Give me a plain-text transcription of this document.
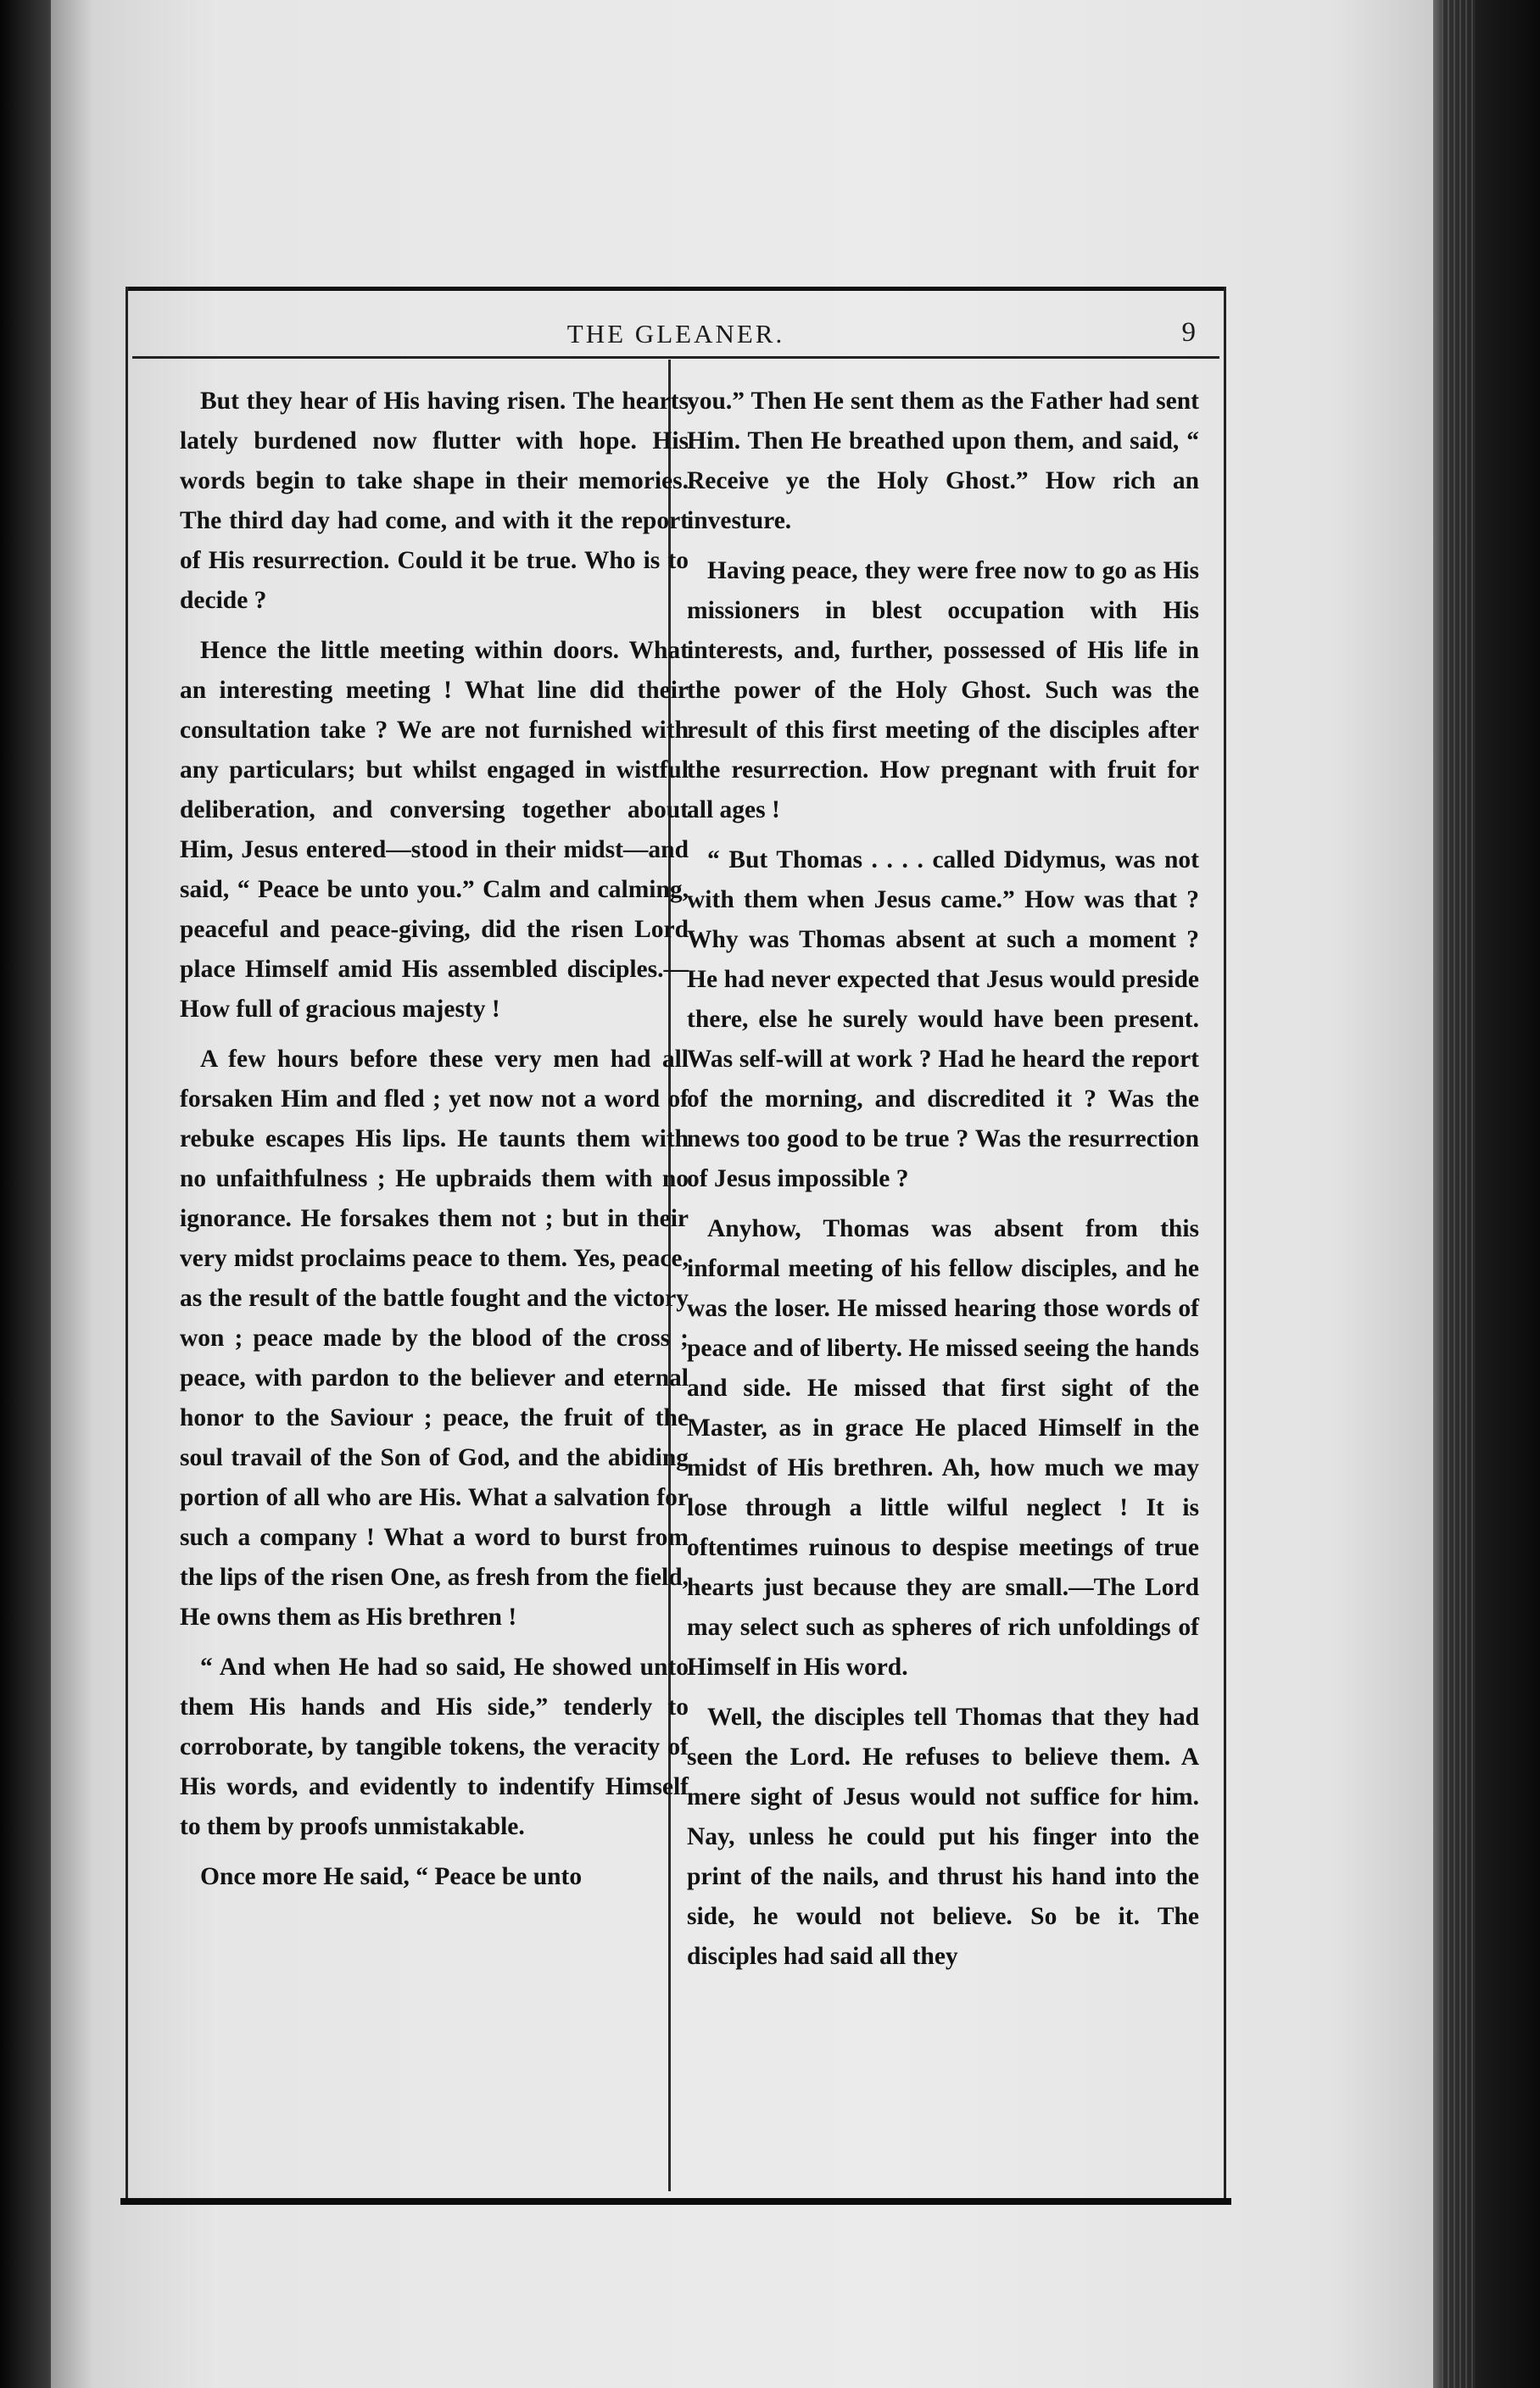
THE GLEANER.	9

But they hear of His having risen. The hearts lately burdened now flutter with hope. His words begin to take shape in their memories. The third day had come, and with it the report of His resurrection. Could it be true. Who is to decide ?

Hence the little meeting within doors. What an interesting meeting ! What line did their consultation take ? We are not furnished with any particulars; but whilst engaged in wistful deliberation, and conversing together about Him, Jesus entered—stood in their midst—and said, “ Peace be unto you.” Calm and calming, peaceful and peace-giving, did the risen Lord place Himself amid His assembled disciples.—How full of gracious majesty !

A few hours before these very men had all forsaken Him and fled ; yet now not a word of rebuke escapes His lips. He taunts them with no unfaithfulness ; He upbraids them with no ignorance. He forsakes them not ; but in their very midst proclaims peace to them. Yes, peace, as the result of the battle fought and the victory won ; peace made by the blood of the cross ; peace, with pardon to the believer and eternal honor to the Saviour ; peace, the fruit of the soul travail of the Son of God, and the abiding portion of all who are His. What a salvation for such a company ! What a word to burst from the lips of the risen One, as fresh from the field, He owns them as His brethren !

“ And when He had so said, He showed unto them His hands and His side,” tenderly to corroborate, by tangible tokens, the veracity of His words, and evidently to indentify Himself to them by proofs unmistakable.

Once more He said, “ Peace be unto

you.” Then He sent them as the Father had sent Him. Then He breathed upon them, and said, “ Receive ye the Holy Ghost.” How rich an investure.

Having peace, they were free now to go as His missioners in blest occupation with His interests, and, further, possessed of His life in the power of the Holy Ghost. Such was the result of this first meeting of the disciples after the resurrection. How pregnant with fruit for all ages !

“ But Thomas . . . . called Didymus, was not with them when Jesus came.” How was that ? Why was Thomas absent at such a moment ? He had never expected that Jesus would preside there, else he surely would have been present. Was self-will at work ? Had he heard the report of the morning, and discredited it ? Was the news too good to be true ? Was the resurrection of Jesus impossible ?

Anyhow, Thomas was absent from this informal meeting of his fellow disciples, and he was the loser. He missed hearing those words of peace and of liberty. He missed seeing the hands and side. He missed that first sight of the Master, as in grace He placed Himself in the midst of His brethren. Ah, how much we may lose through a little wilful neglect ! It is oftentimes ruinous to despise meetings of true hearts just because they are small.—The Lord may select such as spheres of rich unfoldings of Himself in His word.

Well, the disciples tell Thomas that they had seen the Lord. He refuses to believe them. A mere sight of Jesus would not suffice for him. Nay, unless he could put his finger into the print of the nails, and thrust his hand into the side, he would not believe. So be it. The disciples had said all they
